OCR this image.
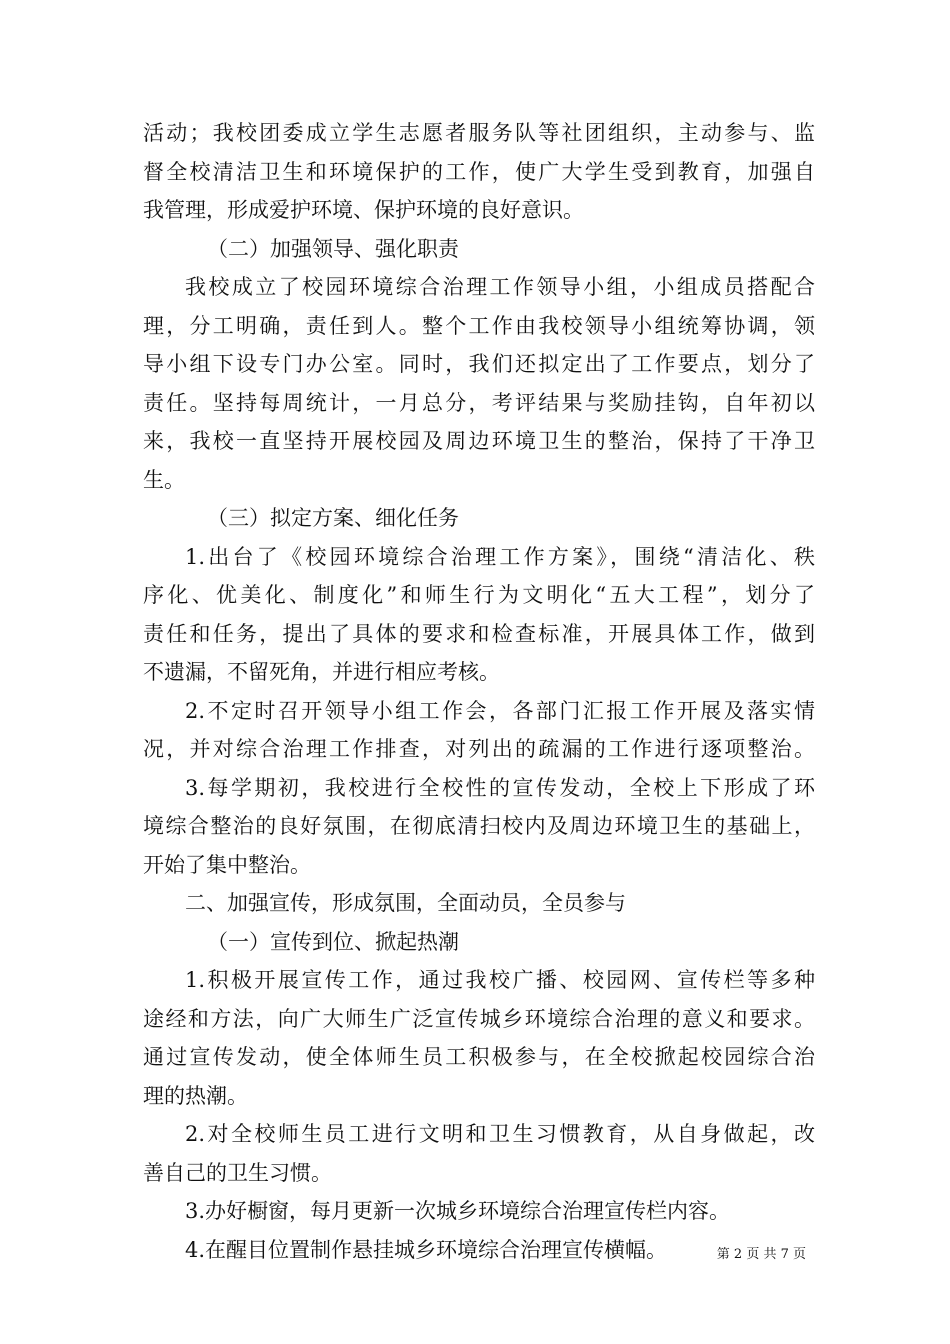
活动；我校团委成立学生志愿者服务队等社团组织，主动参与、监
督全校清洁卫生和环境保护的工作，使广大学生受到教育，加强自
我管理，形成爱护环境、保护环境的良好意识。
（二）加强领导、强化职责
我校成立了校园环境综合治理工作领导小组，小组成员搭配合
理，分工明确，责任到人。整个工作由我校领导小组统筹协调，领
导小组下设专门办公室。同时，我们还拟定出了工作要点，划分了
责任。坚持每周统计，一月总分，考评结果与奖励挂钩，自年初以
来，我校一直坚持开展校园及周边环境卫生的整治，保持了干净卫
生。
（三）拟定方案、细化任务
1.出台了《校园环境综合治理工作方案》，围绕“清洁化、秩
序化、优美化、制度化”和师生行为文明化“五大工程”，划分了
责任和任务，提出了具体的要求和检查标准，开展具体工作，做到
不遗漏，不留死角，并进行相应考核。
2.不定时召开领导小组工作会，各部门汇报工作开展及落实情
况，并对综合治理工作排查，对列出的疏漏的工作进行逐项整治。
3.每学期初，我校进行全校性的宣传发动，全校上下形成了环
境综合整治的良好氛围，在彻底清扫校内及周边环境卫生的基础上，
开始了集中整治。
二、加强宣传，形成氛围，全面动员，全员参与
（一）宣传到位、掀起热潮
1.积极开展宣传工作，通过我校广播、校园网、宣传栏等多种
途经和方法，向广大师生广泛宣传城乡环境综合治理的意义和要求。
通过宣传发动，使全体师生员工积极参与，在全校掀起校园综合治
理的热潮。
2.对全校师生员工进行文明和卫生习惯教育，从自身做起，改
善自己的卫生习惯。
3.办好橱窗，每月更新一次城乡环境综合治理宣传栏内容。
4.在醒目位置制作悬挂城乡环境综合治理宣传横幅。	第 2 页 共 7 页
